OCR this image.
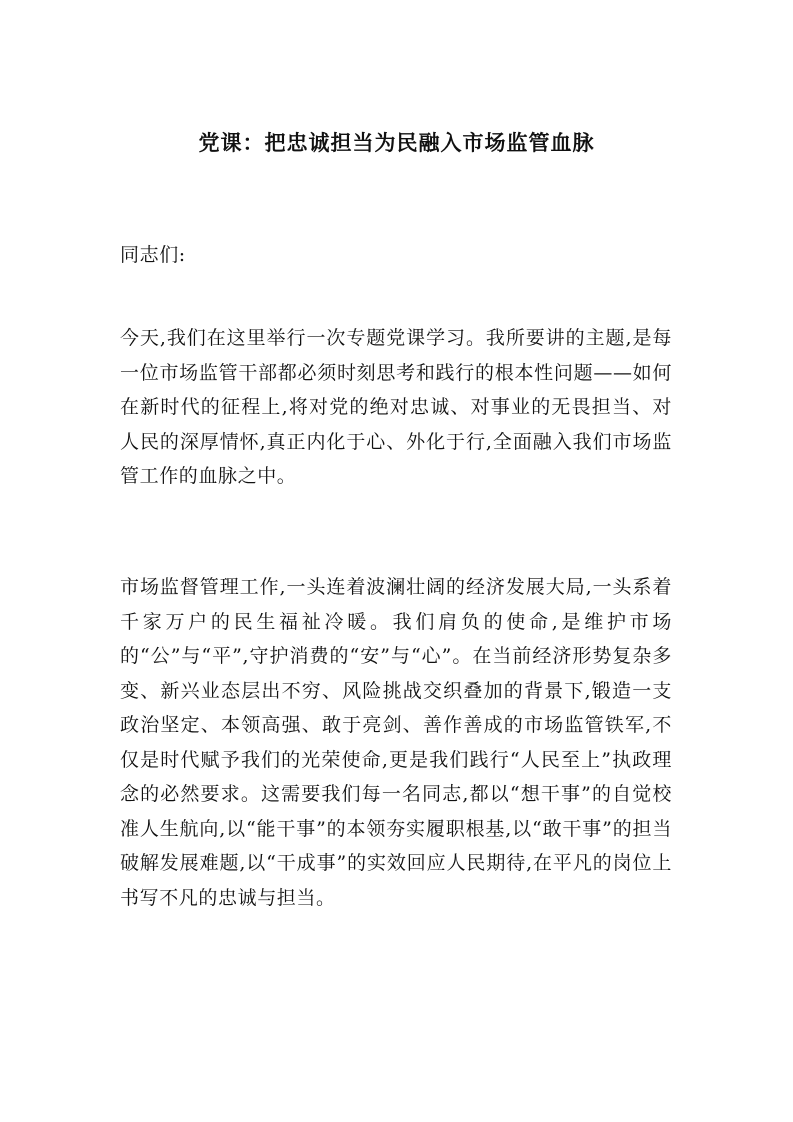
党课：把忠诚担当为民融入市场监管血脉
同志们:
今天,我们在这里举行一次专题党课学习。我所要讲的主题,是每一位市场监管干部都必须时刻思考和践行的根本性问题——如何在新时代的征程上,将对党的绝对忠诚、对事业的无畏担当、对人民的深厚情怀,真正内化于心、外化于行,全面融入我们市场监管工作的血脉之中。
市场监督管理工作,一头连着波澜壮阔的经济发展大局,一头系着千家万户的民生福祉冷暖。我们肩负的使命,是维护市场的“公”与“平”,守护消费的“安”与“心”。在当前经济形势复杂多变、新兴业态层出不穷、风险挑战交织叠加的背景下,锻造一支政治坚定、本领高强、敢于亮剑、善作善成的市场监管铁军,不仅是时代赋予我们的光荣使命,更是我们践行“人民至上”执政理念的必然要求。这需要我们每一名同志,都以“想干事”的自觉校准人生航向,以“能干事”的本领夯实履职根基,以“敢干事”的担当破解发展难题,以“干成事”的实效回应人民期待,在平凡的岗位上书写不凡的忠诚与担当。
